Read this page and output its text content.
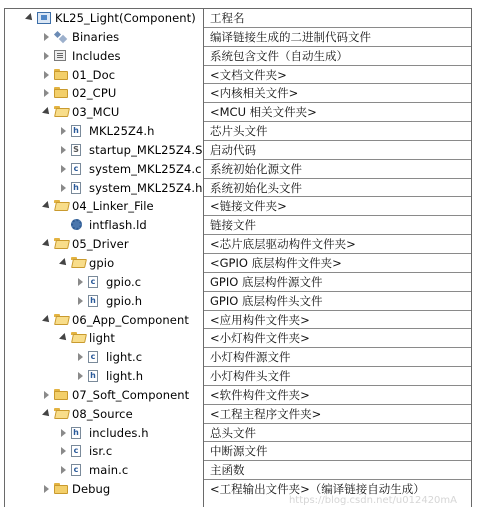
KL25_Light(Component)	工程名
Binaries	编译链接生成的二进制代码文件
Includes	系统包含文件（自动生成）
01_Doc	<文档文件夹>
02_CPU	<内核相关文件>
03_MCU	<MCU 相关文件夹>
h MKL25Z4.h	芯片头文件
S startup_MKL25Z4.S 启动代码
c system_MKL25Z4.c 系统初始化源文件
h system_MKL25Z4.h 系统初始化头文件
04_Linker_File	<链接文件夹>
intflash.ld	链接文件
05_Driver	<芯片底层驱动构件文件夹>
gpio	<GPIO 底层构件文件夹>
c gpio.c	GPIO 底层构件源文件
h gpio.h	GPIO 底层构件头文件
06_App_Component	<应用构件文件夹>
light	<小灯构件文件夹>
c light.c	小灯构件源文件
h light.h	小灯构件头文件
07_Soft_Component	<软件构件文件夹>
08_Source	<工程主程序文件夹>
h includes.h	总头文件
c isr.c	中断源文件
c main.c	主函数
Debug	<工程输出文件夹>（编译链接自动生成）
https://blog.csdn.net/u012420mA
